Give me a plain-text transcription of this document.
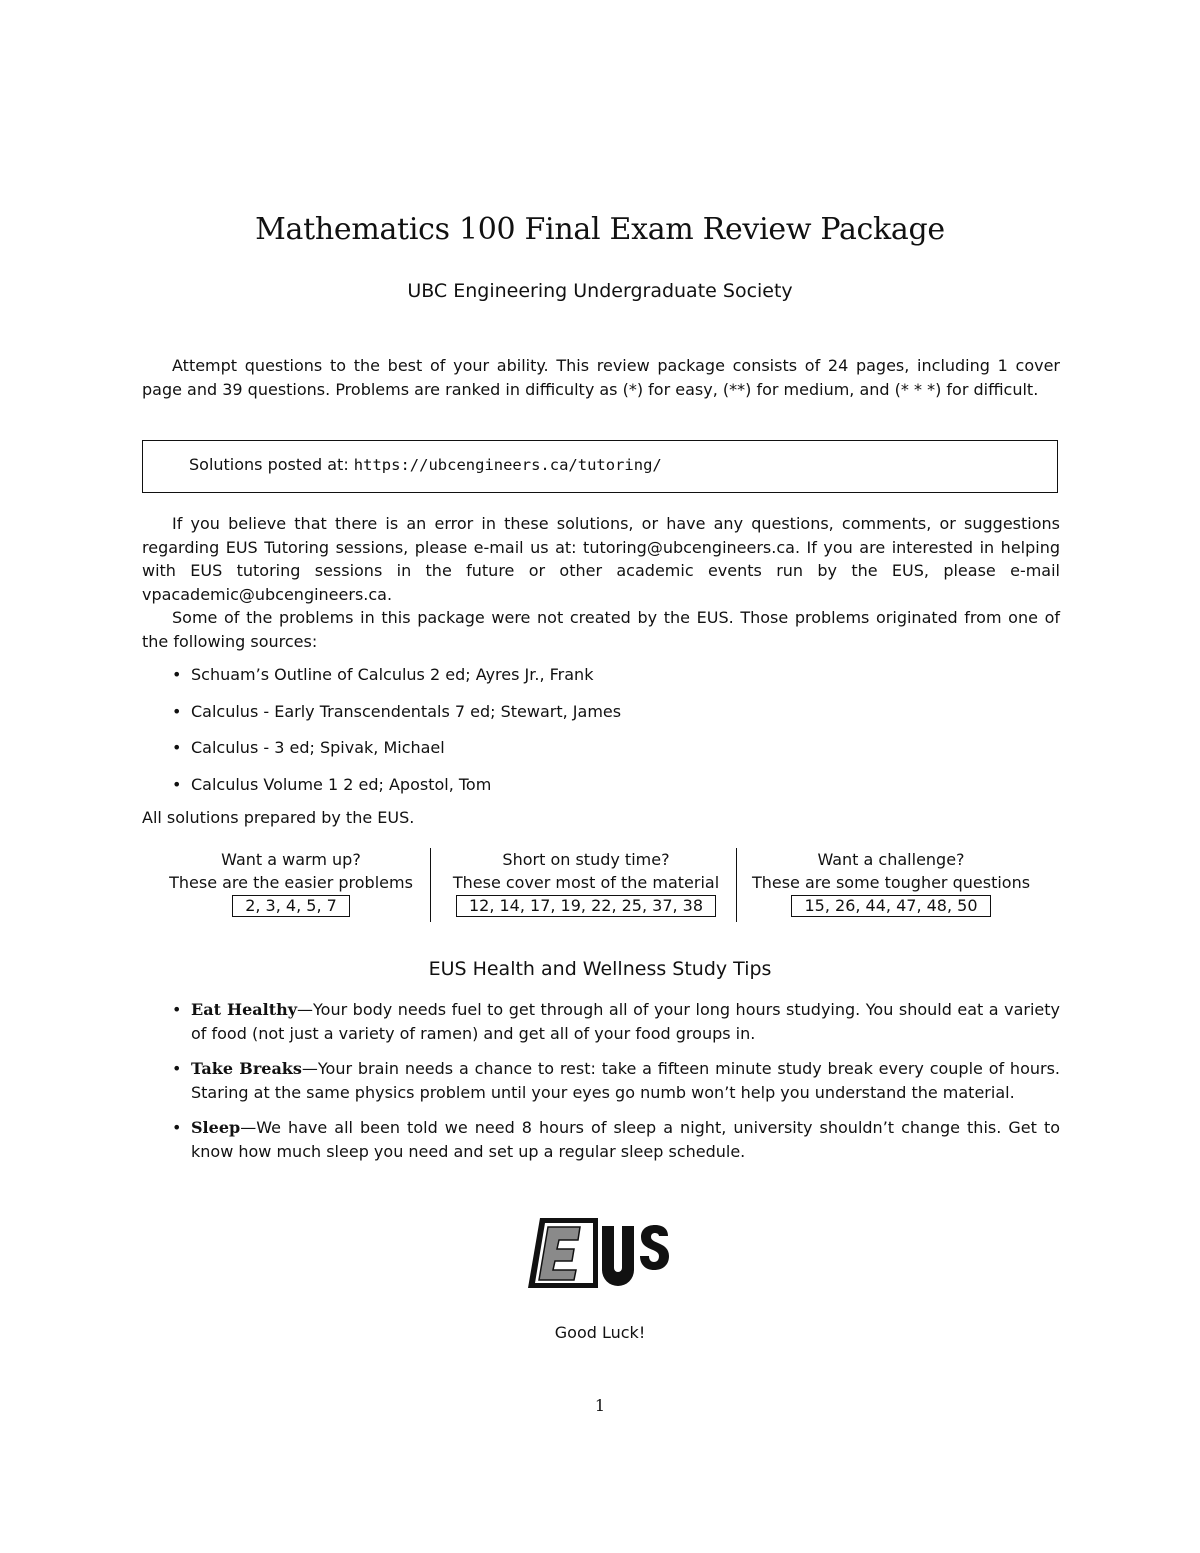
Mathematics 100 Final Exam Review Package
UBC Engineering Undergraduate Society

Attempt questions to the best of your ability. This review package consists of 24 pages, including 1 cover page and 39 questions. Problems are ranked in difficulty as (*) for easy, (**) for medium, and (* * *) for difficult.

Solutions posted at: https://ubcengineers.ca/tutoring/

If you believe that there is an error in these solutions, or have any questions, comments, or suggestions regarding EUS Tutoring sessions, please e-mail us at: tutoring@ubcengineers.ca. If you are interested in helping with EUS tutoring sessions in the future or other academic events run by the EUS, please e-mail vpacademic@ubcengineers.ca.

Some of the problems in this package were not created by the EUS. Those problems originated from one of the following sources:

• Schuam’s Outline of Calculus 2 ed; Ayres Jr., Frank
• Calculus - Early Transcendentals 7 ed; Stewart, James
• Calculus - 3 ed; Spivak, Michael
• Calculus Volume 1 2 ed; Apostol, Tom

All solutions prepared by the EUS.

Want a warm up?
These are the easier problems
2, 3, 4, 5, 7
Short on study time?
These cover most of the material
12, 14, 17, 19, 22, 25, 37, 38
Want a challenge?
These are some tougher questions
15, 26, 44, 47, 48, 50
EUS Health and Wellness Study Tips
• Eat Healthy—Your body needs fuel to get through all of your long hours studying. You should eat a variety of food (not just a variety of ramen) and get all of your food groups in.
• Take Breaks—Your brain needs a chance to rest: take a fifteen minute study break every couple of hours. Staring at the same physics problem until your eyes go numb won’t help you understand the material.
• Sleep—We have all been told we need 8 hours of sleep a night, university shouldn’t change this. Get to know how much sleep you need and set up a regular sleep schedule.
Good Luck!
1
